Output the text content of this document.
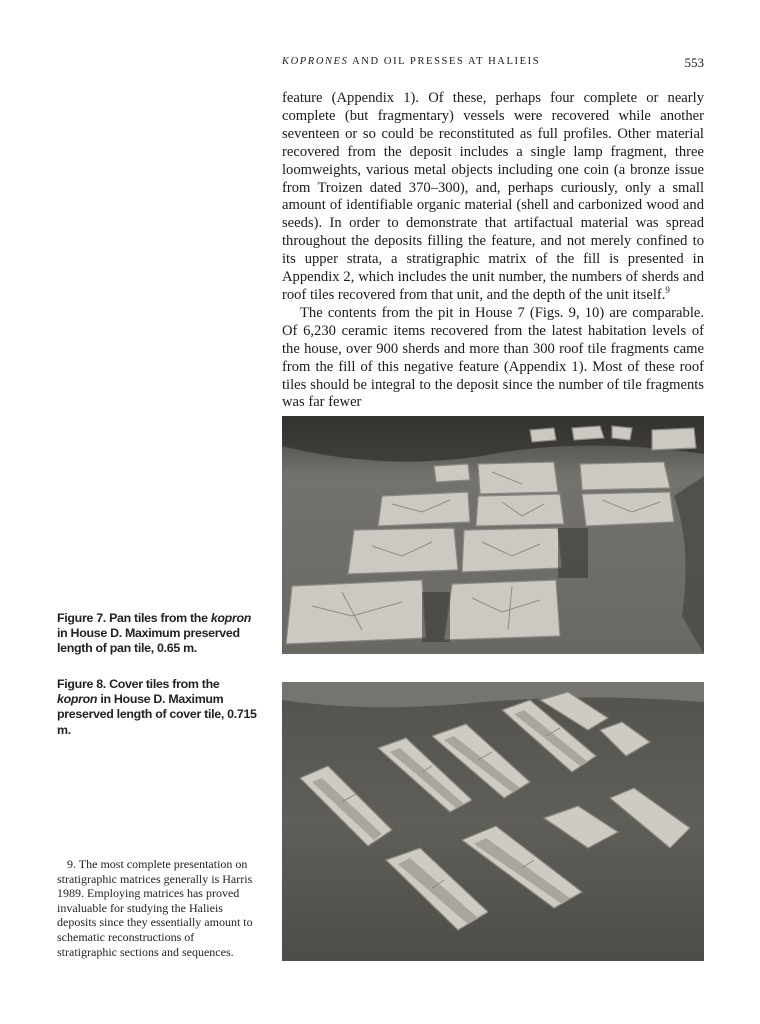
KOPRONES AND OIL PRESSES AT HALIEIS	553

feature (Appendix 1). Of these, perhaps four complete or nearly complete (but fragmentary) vessels were recovered while another seventeen or so could be reconstituted as full profiles. Other material recovered from the deposit includes a single lamp fragment, three loomweights, various metal objects including one coin (a bronze issue from Troizen dated 370–300), and, perhaps curiously, only a small amount of identifiable organic material (shell and carbonized wood and seeds). In order to demonstrate that artifactual material was spread throughout the deposits filling the feature, and not merely confined to its upper strata, a stratigraphic matrix of the fill is presented in Appendix 2, which includes the unit number, the numbers of sherds and roof tiles recovered from that unit, and the depth of the unit itself.$^9$

The contents from the pit in House 7 (Figs. 9, 10) are comparable. Of 6,230 ceramic items recovered from the latest habitation levels of the house, over 900 sherds and more than 300 roof tile fragments came from the fill of this negative feature (Appendix 1). Most of these roof tiles should be integral to the deposit since the number of tile fragments was far fewer

Figure 7. Pan tiles from the kopron in House D. Maximum preserved length of pan tile, 0.65 m.
Figure 8. Cover tiles from the kopron in House D. Maximum preserved length of cover tile, 0.715 m.
9. The most complete presentation on stratigraphic matrices generally is Harris 1989. Employing matrices has proved invaluable for studying the Halieis deposits since they essentially amount to schematic reconstructions of stratigraphic sections and sequences.
